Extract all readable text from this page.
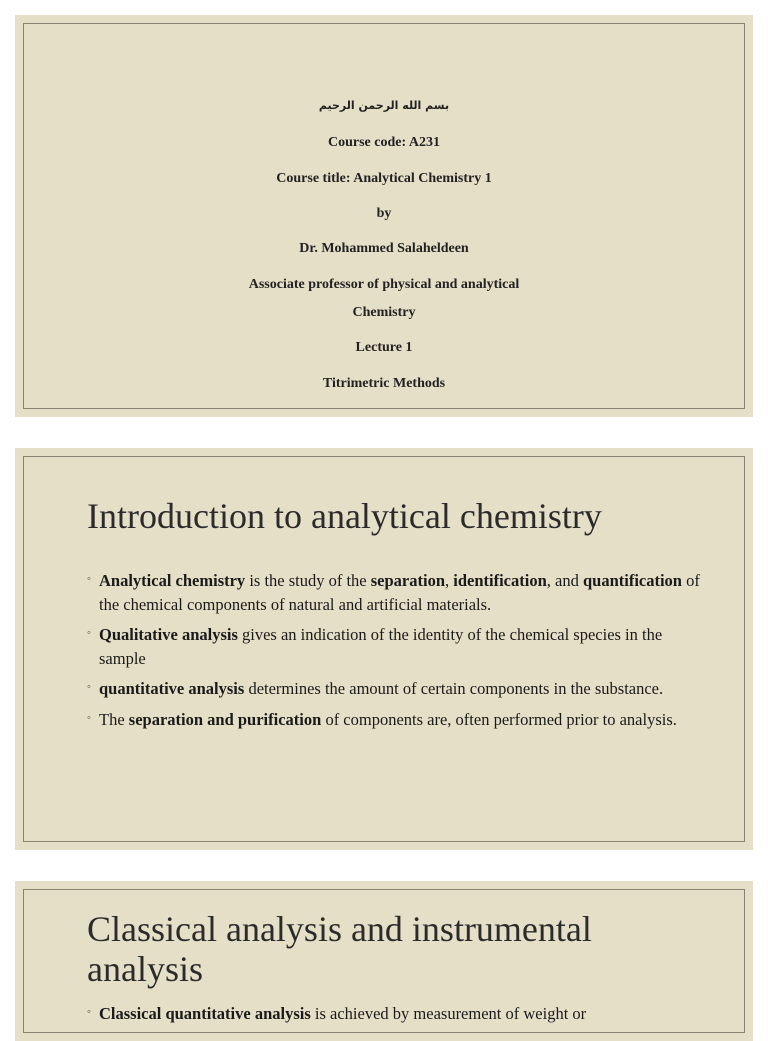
بسم الله الرحمن الرحيم
Course code: A231
Course title: Analytical Chemistry 1
by
Dr. Mohammed Salaheldeen
Associate professor of physical and analytical
Chemistry
Lecture 1
Titrimetric Methods
Introduction to analytical chemistry
◦ Analytical chemistry is the study of the separation, identification, and quantification of the chemical components of natural and artificial materials.
◦ Qualitative analysis gives an indication of the identity of the chemical species in the sample
◦ quantitative analysis determines the amount of certain components in the substance.
◦ The separation and purification of components are, often performed prior to analysis.
Classical analysis and instrumental
analysis
◦ Classical quantitative analysis is achieved by measurement of weight or
